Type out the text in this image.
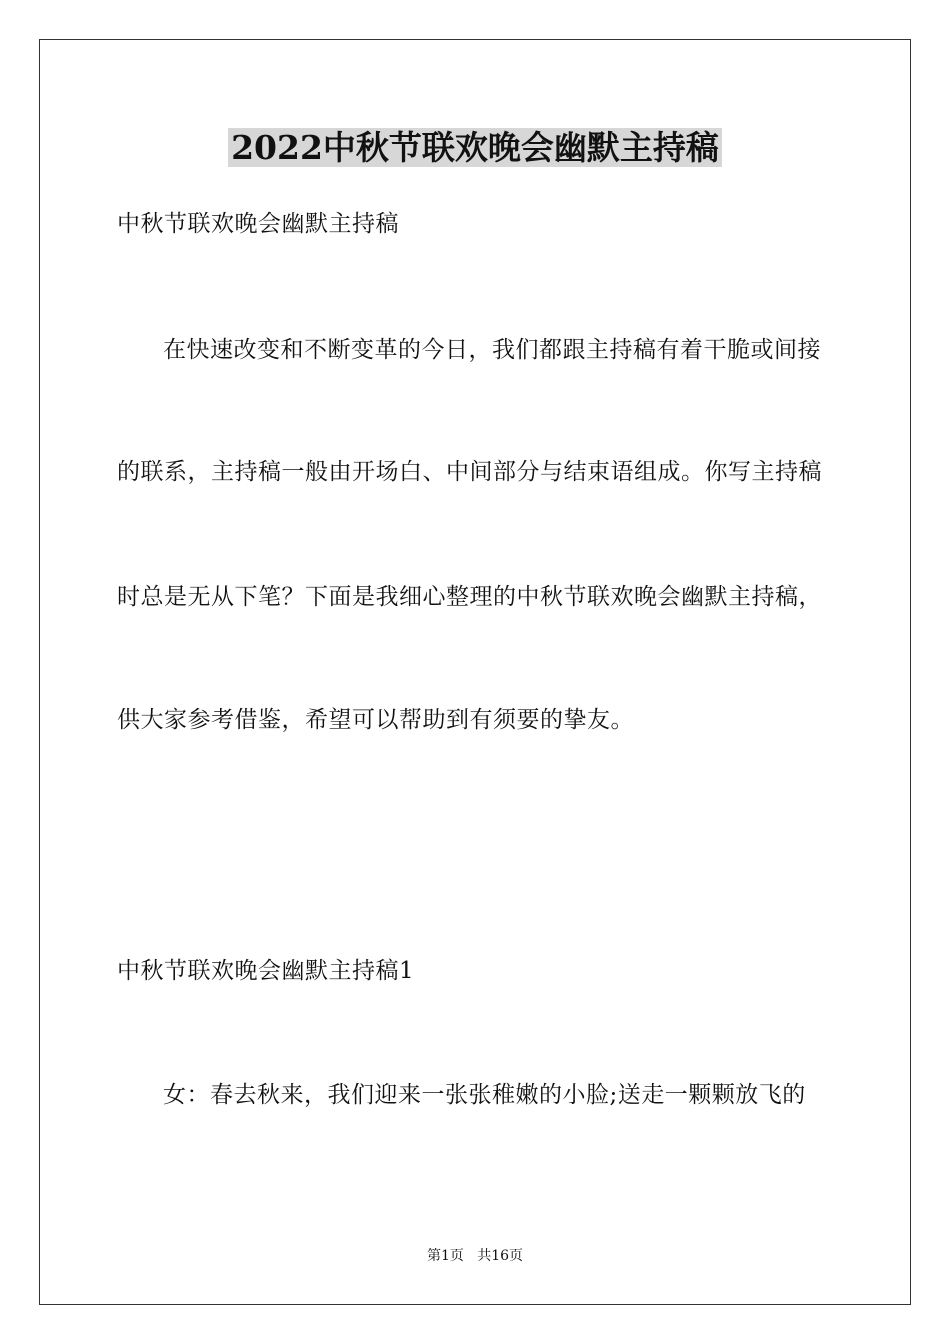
2022中秋节联欢晚会幽默主持稿

中秋节联欢晚会幽默主持稿

在快速改变和不断变革的今日，我们都跟主持稿有着干脆或间接

的联系，主持稿一般由开场白、中间部分与结束语组成。你写主持稿

时总是无从下笔？下面是我细心整理的中秋节联欢晚会幽默主持稿，

供大家参考借鉴，希望可以帮助到有须要的挚友。

中秋节联欢晚会幽默主持稿1

女：春去秋来，我们迎来一张张稚嫩的小脸;送走一颗颗放飞的

第1页   共16页
